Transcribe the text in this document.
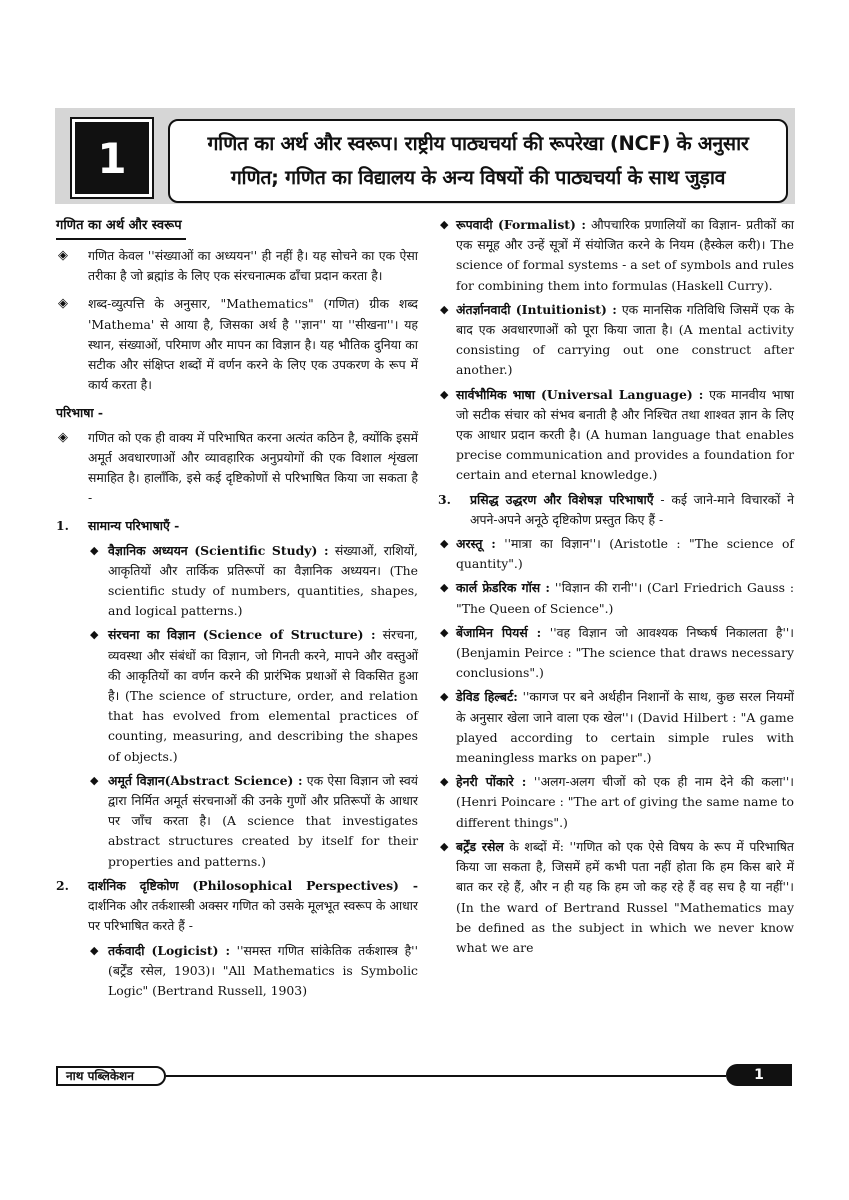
1	गणित का अर्थ और स्वरूप। राष्ट्रीय पाठ्यचर्या की रूपरेखा (NCF) के अनुसार
गणित; गणित का विद्यालय के अन्य विषयों की पाठ्यचर्या के साथ जुड़ाव
गणित का अर्थ और स्वरूप
◈ गणित केवल ''संख्याओं का अध्ययन'' ही नहीं है। यह सोचने का एक ऐसा तरीका है जो ब्रह्मांड के लिए एक संरचनात्मक ढाँचा प्रदान करता है।
◈ शब्द-व्युत्पत्ति के अनुसार, "Mathematics" (गणित) ग्रीक शब्द 'Mathema' से आया है, जिसका अर्थ है ''ज्ञान'' या ''सीखना''। यह स्थान, संख्याओं, परिमाण और मापन का विज्ञान है। यह भौतिक दुनिया का सटीक और संक्षिप्त शब्दों में वर्णन करने के लिए एक उपकरण के रूप में कार्य करता है।
परिभाषा -
◈ गणित को एक ही वाक्य में परिभाषित करना अत्यंत कठिन है, क्योंकि इसमें अमूर्त अवधारणाओं और व्यावहारिक अनुप्रयोगों की एक विशाल शृंखला समाहित है। हालाँकि, इसे कई दृष्टिकोणों से परिभाषित किया जा सकता है -
1. सामान्य परिभाषाएँ -
◆ वैज्ञानिक अध्ययन (Scientific Study) : संख्याओं, राशियों, आकृतियों और तार्किक प्रतिरूपों का वैज्ञानिक अध्ययन। (The scientific study of numbers, quantities, shapes, and logical patterns.)
◆ संरचना का विज्ञान (Science of Structure) : संरचना, व्यवस्था और संबंधों का विज्ञान, जो गिनती करने, मापने और वस्तुओं की आकृतियों का वर्णन करने की प्रारंभिक प्रथाओं से विकसित हुआ है। (The science of structure, order, and relation that has evolved from elemental practices of counting, measuring, and describing the shapes of objects.)
◆ अमूर्त विज्ञान(Abstract Science) : एक ऐसा विज्ञान जो स्वयं द्वारा निर्मित अमूर्त संरचनाओं की उनके गुणों और प्रतिरूपों के आधार पर जाँच करता है। (A science that investigates abstract structures created by itself for their properties and patterns.)
2. दार्शनिक दृष्टिकोण (Philosophical Perspectives) - दार्शनिक और तर्कशास्त्री अक्सर गणित को उसके मूलभूत स्वरूप के आधार पर परिभाषित करते हैं -
◆ तर्कवादी (Logicist) : ''समस्त गणित सांकेतिक तर्कशास्त्र है'' (बर्ट्रेंड रसेल, 1903)। "All Mathematics is Symbolic Logic" (Bertrand Russell, 1903)
◆ रूपवादी (Formalist) : औपचारिक प्रणालियों का विज्ञान- प्रतीकों का एक समूह और उन्हें सूत्रों में संयोजित करने के नियम (हैस्केल करी)। The science of formal systems - a set of symbols and rules for combining them into formulas (Haskell Curry).
◆ अंतर्ज्ञानवादी (Intuitionist) : एक मानसिक गतिविधि जिसमें एक के बाद एक अवधारणाओं को पूरा किया जाता है। (A mental activity consisting of carrying out one construct after another.)
◆ सार्वभौमिक भाषा (Universal Language) : एक मानवीय भाषा जो सटीक संचार को संभव बनाती है और निश्चित तथा शाश्वत ज्ञान के लिए एक आधार प्रदान करती है। (A human language that enables precise communication and provides a foundation for certain and eternal knowledge.)
3. प्रसिद्ध उद्धरण और विशेषज्ञ परिभाषाएँ - कई जाने-माने विचारकों ने अपने-अपने अनूठे दृष्टिकोण प्रस्तुत किए हैं -
◆ अरस्तू : ''मात्रा का विज्ञान''। (Aristotle : "The science of quantity".)
◆ कार्ल फ्रेडरिक गॉस : ''विज्ञान की रानी''। (Carl Friedrich Gauss : "The Queen of Science".)
◆ बेंजामिन पियर्स : ''वह विज्ञान जो आवश्यक निष्कर्ष निकालता है''। (Benjamin Peirce : "The science that draws necessary conclusions".)
◆ डेविड हिल्बर्ट: ''कागज पर बने अर्थहीन निशानों के साथ, कुछ सरल नियमों के अनुसार खेला जाने वाला एक खेल''। (David Hilbert : "A game played according to certain simple rules with meaningless marks on paper".)
◆ हेनरी पोंकारे : ''अलग-अलग चीजों को एक ही नाम देने की कला''। (Henri Poincare : "The art of giving the same name to different things".)
◆ बर्ट्रेंड रसेल के शब्दों में: ''गणित को एक ऐसे विषय के रूप में परिभाषित किया जा सकता है, जिसमें हमें कभी पता नहीं होता कि हम किस बारे में बात कर रहे हैं, और न ही यह कि हम जो कह रहे हैं वह सच है या नहीं''। (In the ward of Bertrand Russel "Mathematics may be defined as the subject in which we never know what we are
नाथ पब्लिकेशन	1
